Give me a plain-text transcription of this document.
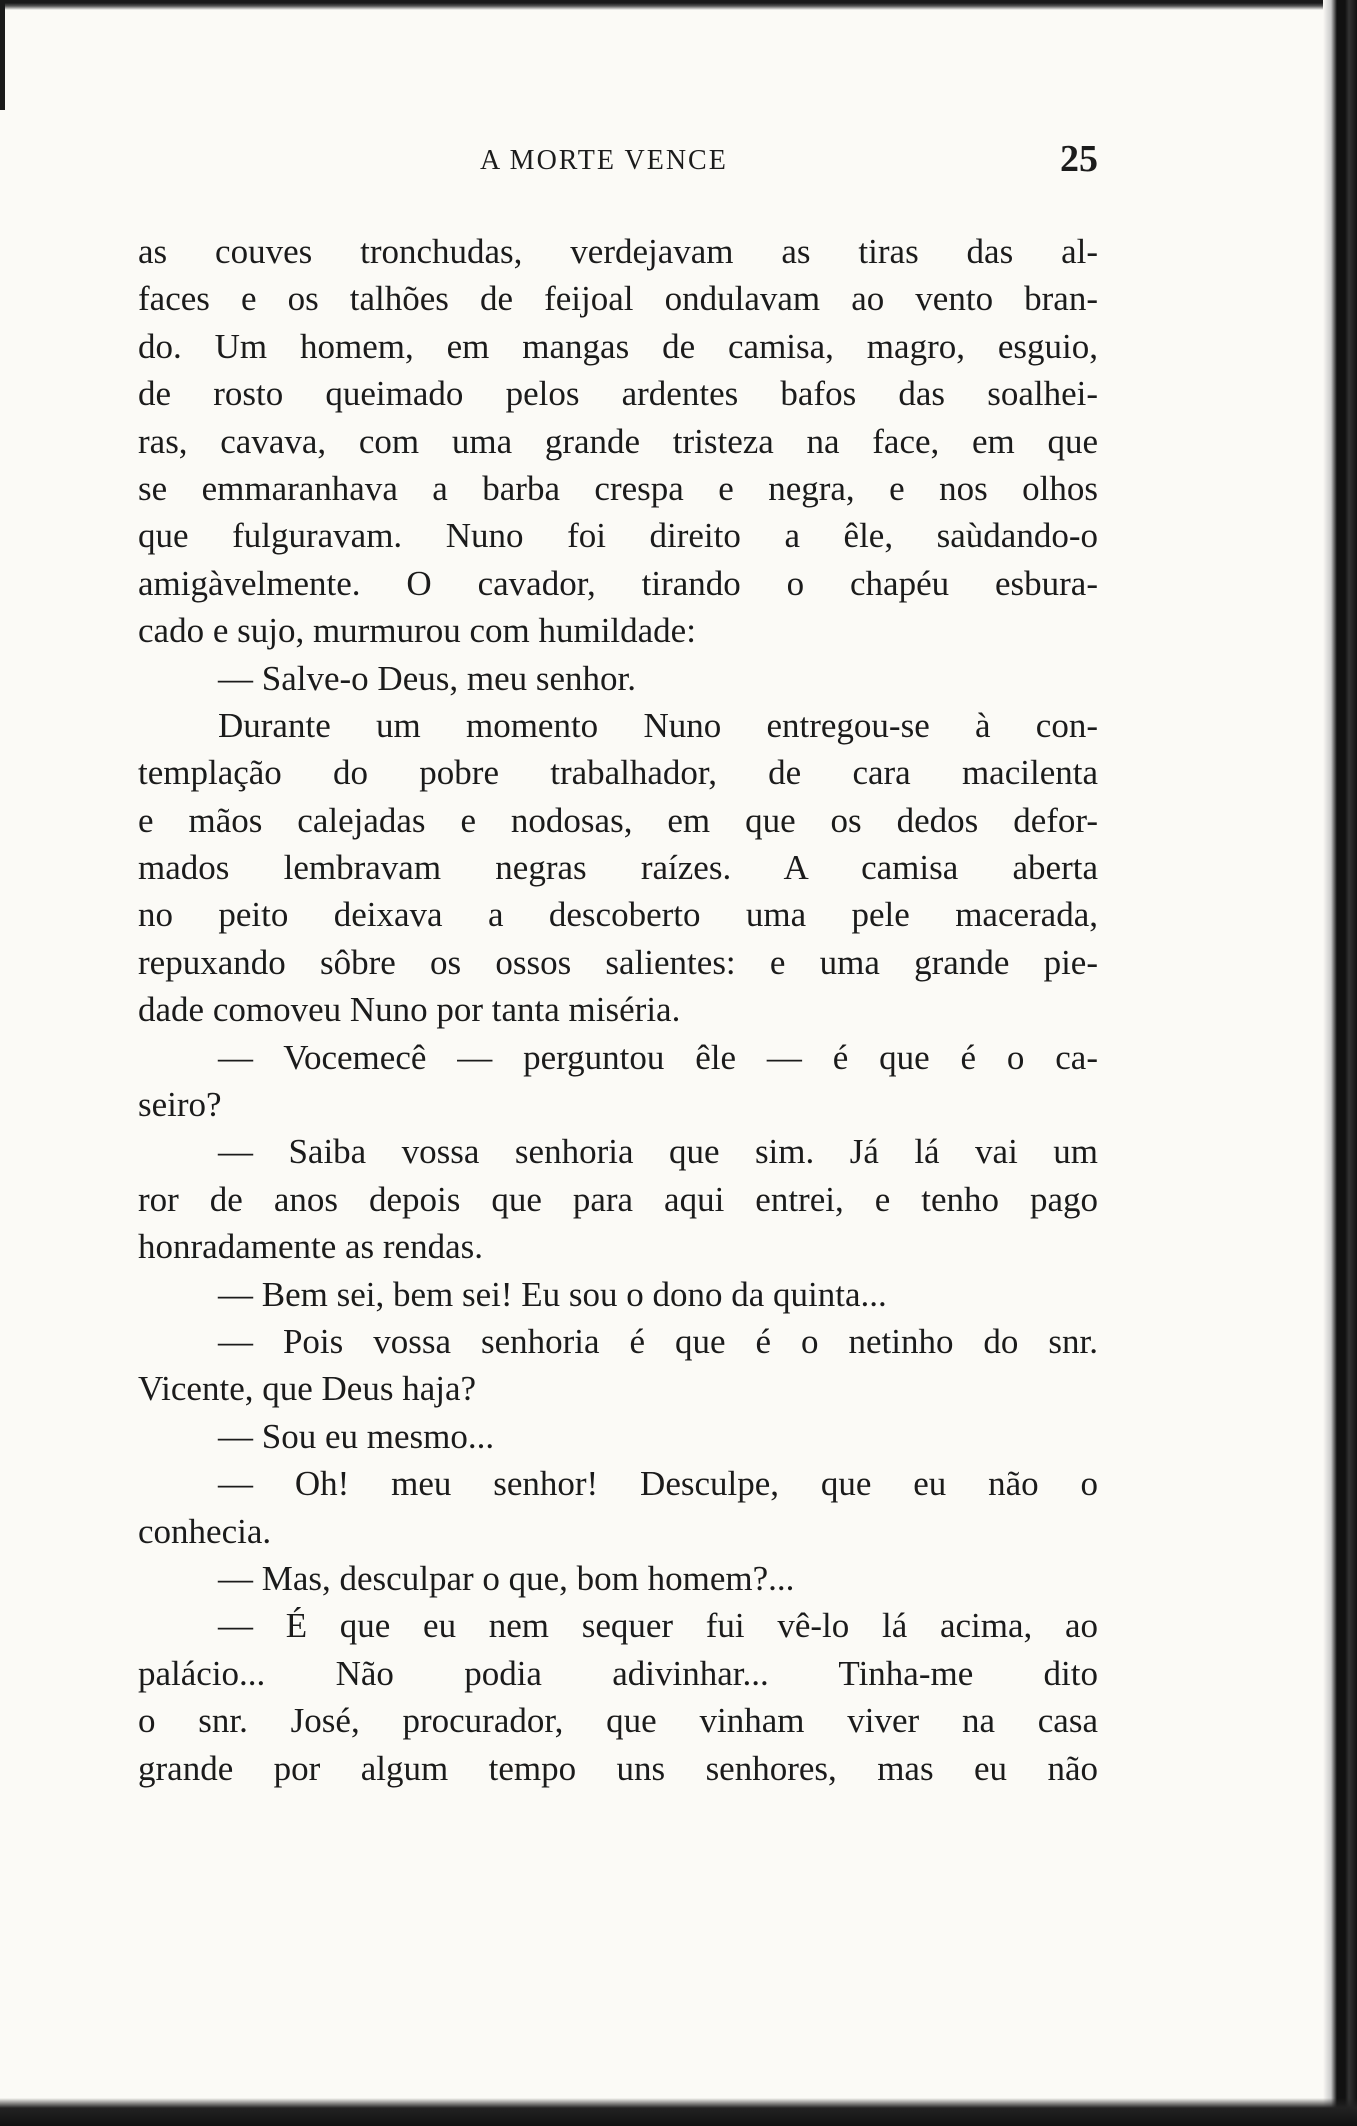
A MORTE VENCE	25
as couves tronchudas, verdejavam as tiras das al-
faces e os talhões de feijoal ondulavam ao vento bran-
do. Um homem, em mangas de camisa, magro, esguio,
de rosto queimado pelos ardentes bafos das soalhei-
ras, cavava, com uma grande tristeza na face, em que
se emmaranhava a barba crespa e negra, e nos olhos
que fulguravam. Nuno foi direito a êle, saùdando-o
amigàvelmente. O cavador, tirando o chapéu esbura-
cado e sujo, murmurou com humildade:
— Salve-o Deus, meu senhor.
Durante um momento Nuno entregou-se à con-
templação do pobre trabalhador, de cara macilenta
e mãos calejadas e nodosas, em que os dedos defor-
mados lembravam negras raízes. A camisa aberta
no peito deixava a descoberto uma pele macerada,
repuxando sôbre os ossos salientes: e uma grande pie-
dade comoveu Nuno por tanta miséria.
— Vocemecê — perguntou êle — é que é o ca-
seiro?
— Saiba vossa senhoria que sim. Já lá vai um
ror de anos depois que para aqui entrei, e tenho pago
honradamente as rendas.
— Bem sei, bem sei! Eu sou o dono da quinta...
— Pois vossa senhoria é que é o netinho do snr.
Vicente, que Deus haja?
— Sou eu mesmo...
— Oh! meu senhor! Desculpe, que eu não o
conhecia.
— Mas, desculpar o que, bom homem?...
— É que eu nem sequer fui vê-lo lá acima, ao
palácio... Não podia adivinhar... Tinha-me dito
o snr. José, procurador, que vinham viver na casa
grande por algum tempo uns senhores, mas eu não
